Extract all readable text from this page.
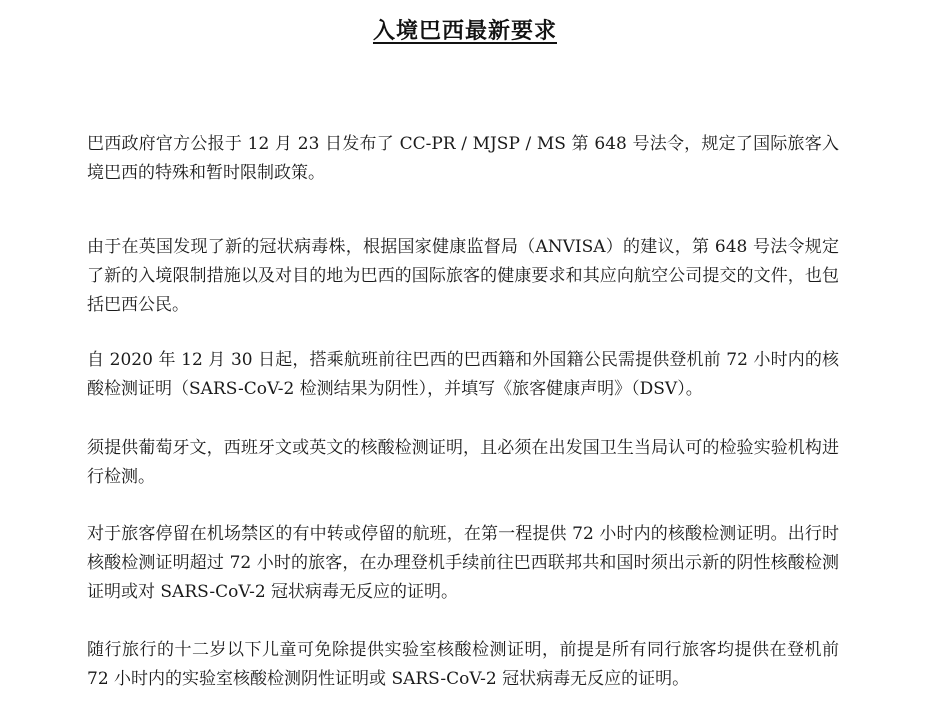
入境巴西最新要求

巴西政府官方公报于 12 月 23 日发布了 CC-PR / MJSP / MS 第 648 号法令，规定了国际旅客入境巴西的特殊和暂时限制政策。

由于在英国发现了新的冠状病毒株，根据国家健康监督局（ANVISA）的建议，第 648 号法令规定了新的入境限制措施以及对目的地为巴西的国际旅客的健康要求和其应向航空公司提交的文件，也包括巴西公民。

自 2020 年 12 月 30 日起，搭乘航班前往巴西的巴西籍和外国籍公民需提供登机前 72 小时内的核酸检测证明（SARS-CoV-2 检测结果为阴性），并填写《旅客健康声明》（DSV）。

须提供葡萄牙文，西班牙文或英文的核酸检测证明，且必须在出发国卫生当局认可的检验实验机构进行检测。

对于旅客停留在机场禁区的有中转或停留的航班，在第一程提供 72 小时内的核酸检测证明。出行时核酸检测证明超过 72 小时的旅客，在办理登机手续前往巴西联邦共和国时须出示新的阴性核酸检测证明或对 SARS-CoV-2 冠状病毒无反应的证明。

随行旅行的十二岁以下儿童可免除提供实验室核酸检测证明，前提是所有同行旅客均提供在登机前 72 小时内的实验室核酸检测阴性证明或 SARS-CoV-2 冠状病毒无反应的证明。
